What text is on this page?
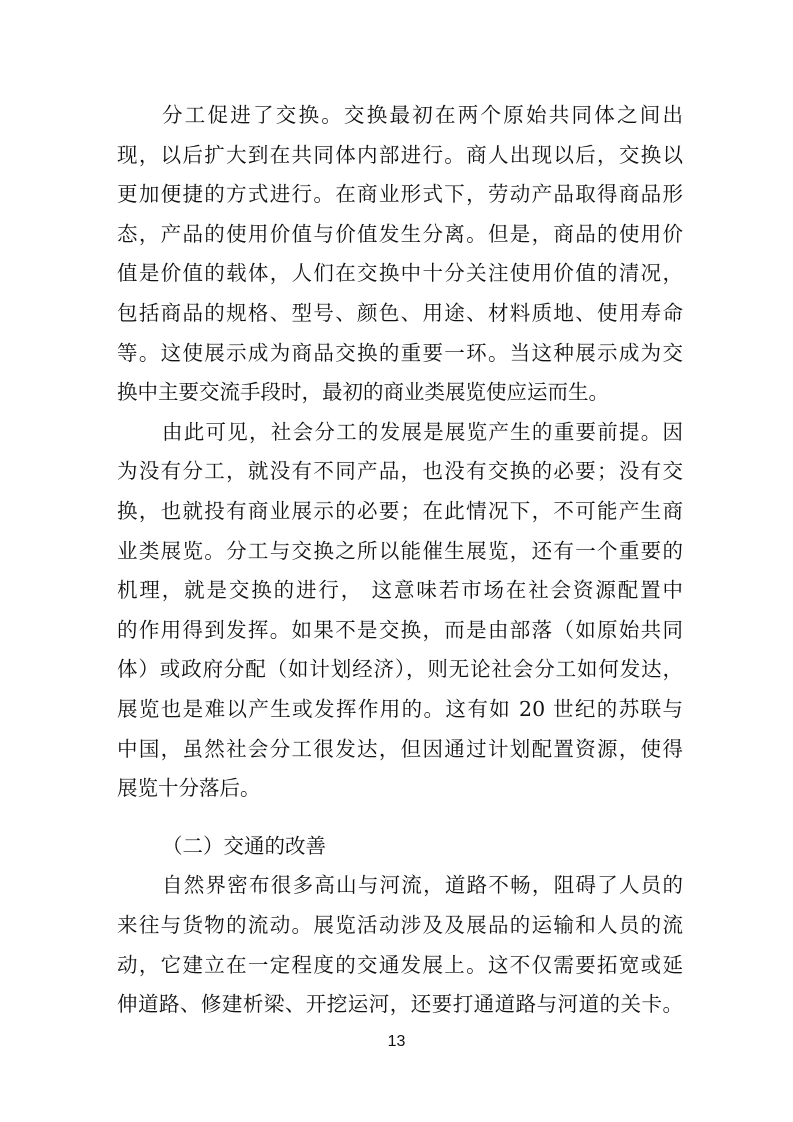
分工促进了交换。交换最初在两个原始共同体之间出
现，以后扩大到在共同体内部进行。商人出现以后，交换以
更加便捷的方式进行。在商业形式下，劳动产品取得商品形
态，产品的使用价值与价值发生分离。但是，商品的使用价
值是价值的载体，人们在交换中十分关注使用价值的清况，
包括商品的规格、型号、颜色、用途、材料质地、使用寿命
等。这使展示成为商品交换的重要一环。当这种展示成为交
换中主要交流手段时，最初的商业类展览使应运而生。
由此可见，社会分工的发展是展览产生的重要前提。因
为没有分工，就没有不同产品，也没有交换的必要；没有交
换，也就投有商业展示的必要；在此情况下，不可能产生商
业类展览。分工与交换之所以能催生展览，还有一个重要的
机理，就是交换的进行， 这意味若市场在社会资源配置中
的作用得到发挥。如果不是交换，而是由部落（如原始共同
体）或政府分配（如计划经济），则无论社会分工如何发达，
展览也是难以产生或发挥作用的。这有如 20 世纪的苏联与
中国，虽然社会分工很发达，但因通过计划配置资源，使得
展览十分落后。
（二）交通的改善
自然界密布很多高山与河流，道路不畅，阻碍了人员的
来往与货物的流动。展览活动涉及及展品的运输和人员的流
动，它建立在一定程度的交通发展上。这不仅需要拓宽或延
伸道路、修建析梁、开挖运河，还要打通道路与河道的关卡。
13
